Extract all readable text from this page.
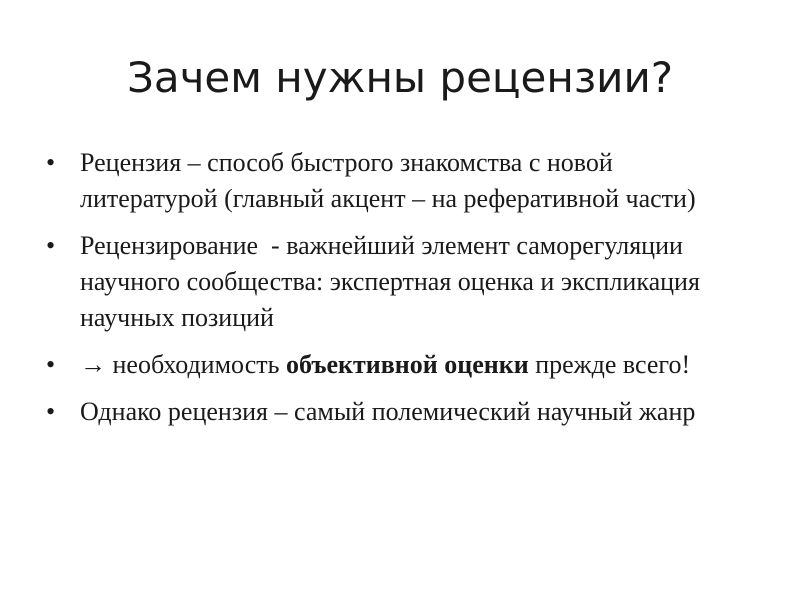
Зачем нужны рецензии?
• Рецензия – способ быстрого знакомства с новой литературой (главный акцент – на реферативной части)
• Рецензирование  - важнейший элемент саморегуляции научного сообщества: экспертная оценка и экспликация научных позиций
• → необходимость объективной оценки прежде всего!
• Однако рецензия – самый полемический научный жанр
